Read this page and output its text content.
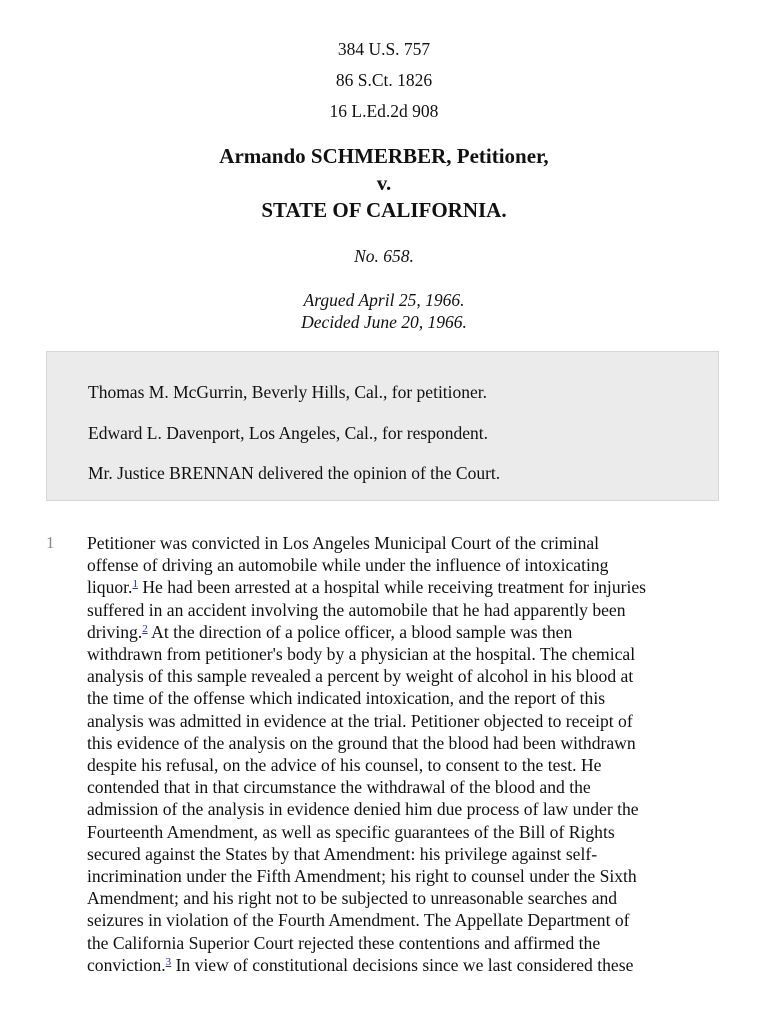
384 U.S. 757
86 S.Ct. 1826
16 L.Ed.2d 908
Armando SCHMERBER, Petitioner,
v.
STATE OF CALIFORNIA.
No. 658.
Argued April 25, 1966.
Decided June 20, 1966.

Thomas M. McGurrin, Beverly Hills, Cal., for petitioner.

Edward L. Davenport, Los Angeles, Cal., for respondent.

Mr. Justice BRENNAN delivered the opinion of the Court.

1 Petitioner was convicted in Los Angeles Municipal Court of the criminal
offense of driving an automobile while under the influence of intoxicating
liquor.$^1$ He had been arrested at a hospital while receiving treatment for injuries
suffered in an accident involving the automobile that he had apparently been
driving.$^2$ At the direction of a police officer, a blood sample was then
withdrawn from petitioner's body by a physician at the hospital. The chemical
analysis of this sample revealed a percent by weight of alcohol in his blood at
the time of the offense which indicated intoxication, and the report of this
analysis was admitted in evidence at the trial. Petitioner objected to receipt of
this evidence of the analysis on the ground that the blood had been withdrawn
despite his refusal, on the advice of his counsel, to consent to the test. He
contended that in that circumstance the withdrawal of the blood and the
admission of the analysis in evidence denied him due process of law under the
Fourteenth Amendment, as well as specific guarantees of the Bill of Rights
secured against the States by that Amendment: his privilege against self-
incrimination under the Fifth Amendment; his right to counsel under the Sixth
Amendment; and his right not to be subjected to unreasonable searches and
seizures in violation of the Fourth Amendment. The Appellate Department of
the California Superior Court rejected these contentions and affirmed the
conviction.$^3$ In view of constitutional decisions since we last considered these
